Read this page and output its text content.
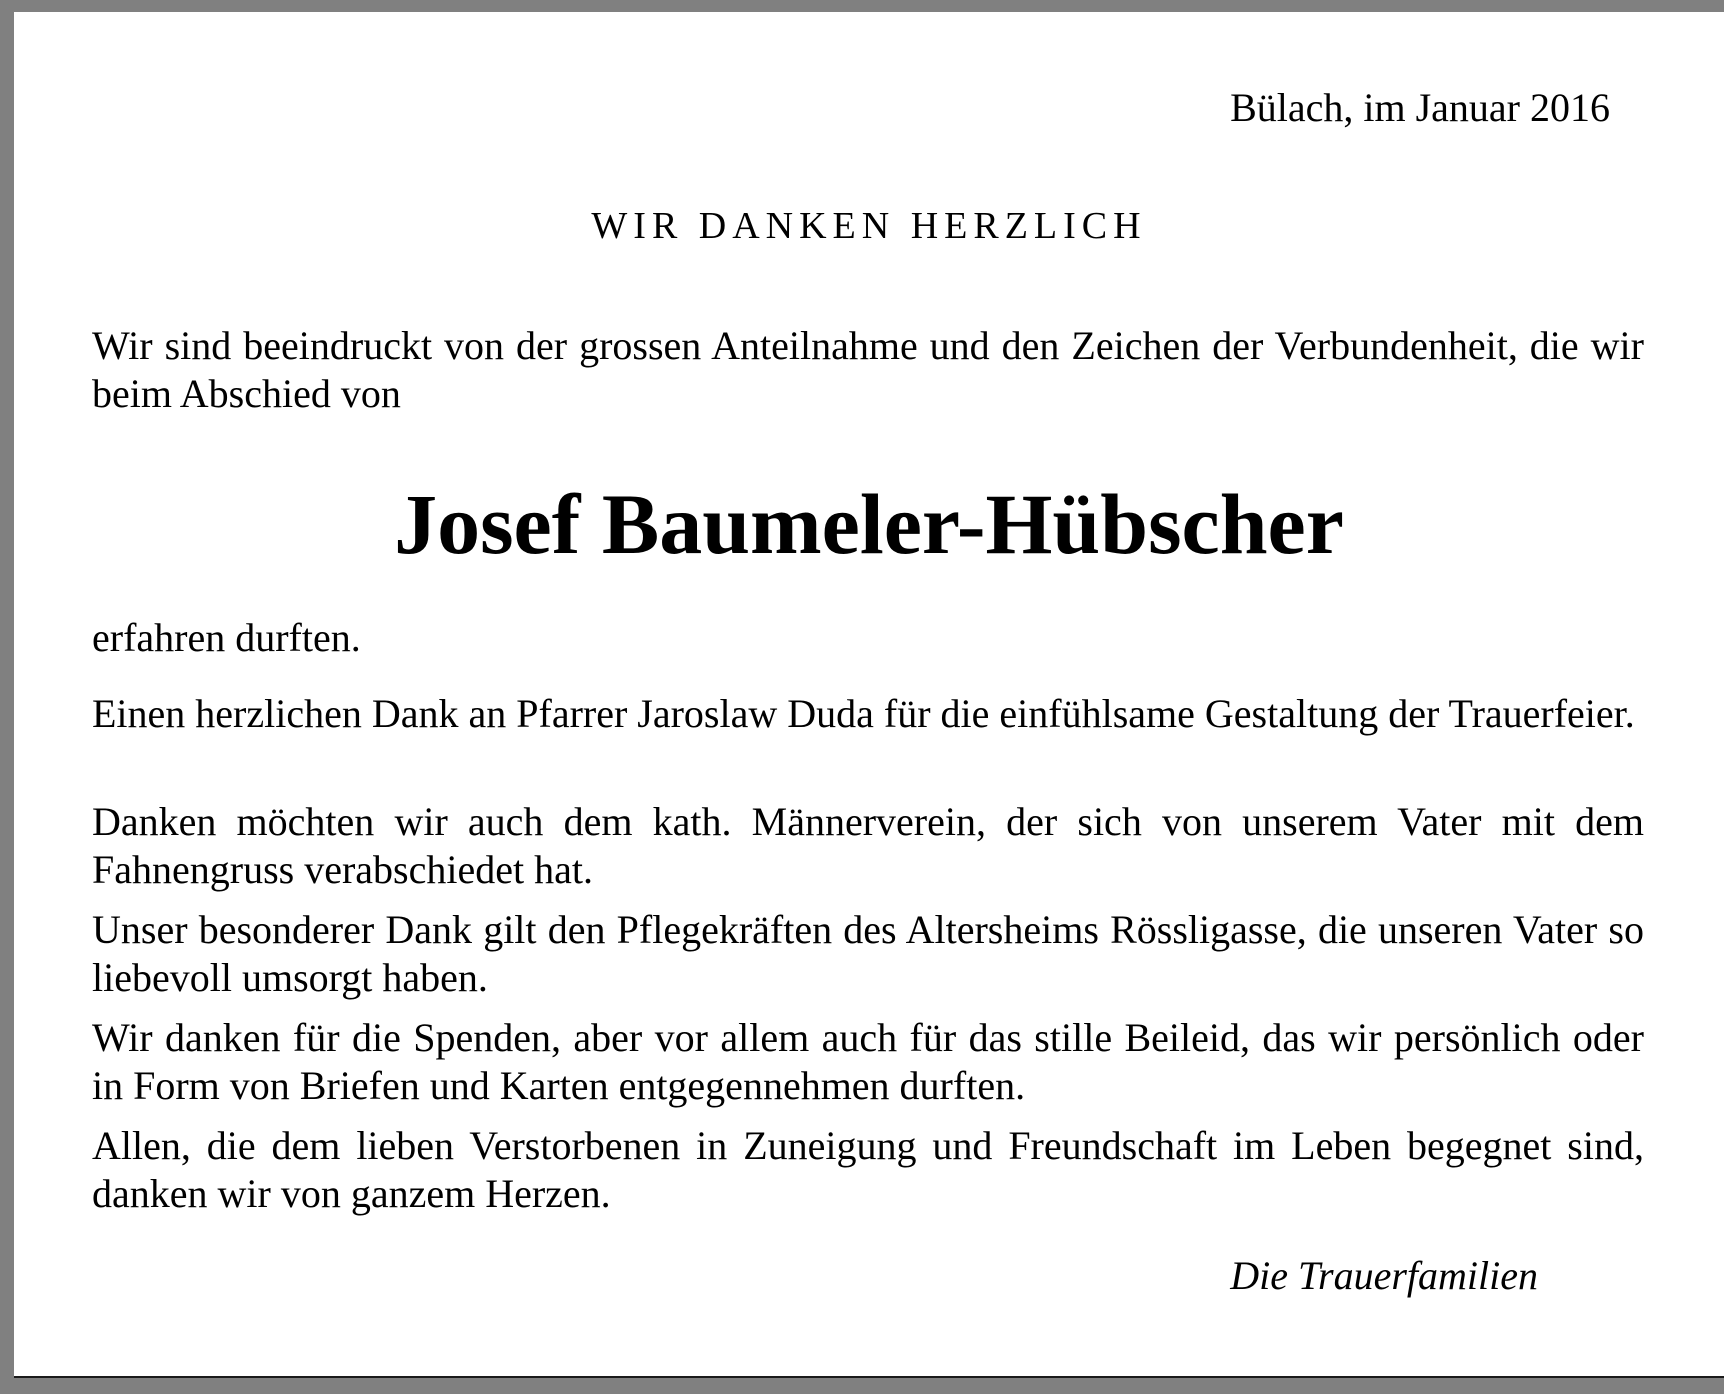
Bülach, im Januar 2016

WIR DANKEN HERZLICH

Wir sind beeindruckt von der grossen Anteilnahme und den Zeichen der Verbundenheit, die wir beim Abschied von

Josef Baumeler-Hübscher

erfahren durften.

Einen herzlichen Dank an Pfarrer Jaroslaw Duda für die einfühlsame Gestaltung der Trauerfeier.

Danken möchten wir auch dem kath. Männerverein, der sich von unserem Vater mit dem Fahnengruss verabschiedet hat.

Unser besonderer Dank gilt den Pflegekräften des Altersheims Rössligasse, die unseren Vater so liebevoll umsorgt haben.

Wir danken für die Spenden, aber vor allem auch für das stille Beileid, das wir persönlich oder in Form von Briefen und Karten entgegennehmen durften.

Allen, die dem lieben Verstorbenen in Zuneigung und Freundschaft im Leben begegnet sind, danken wir von ganzem Herzen.

Die Trauerfamilien
